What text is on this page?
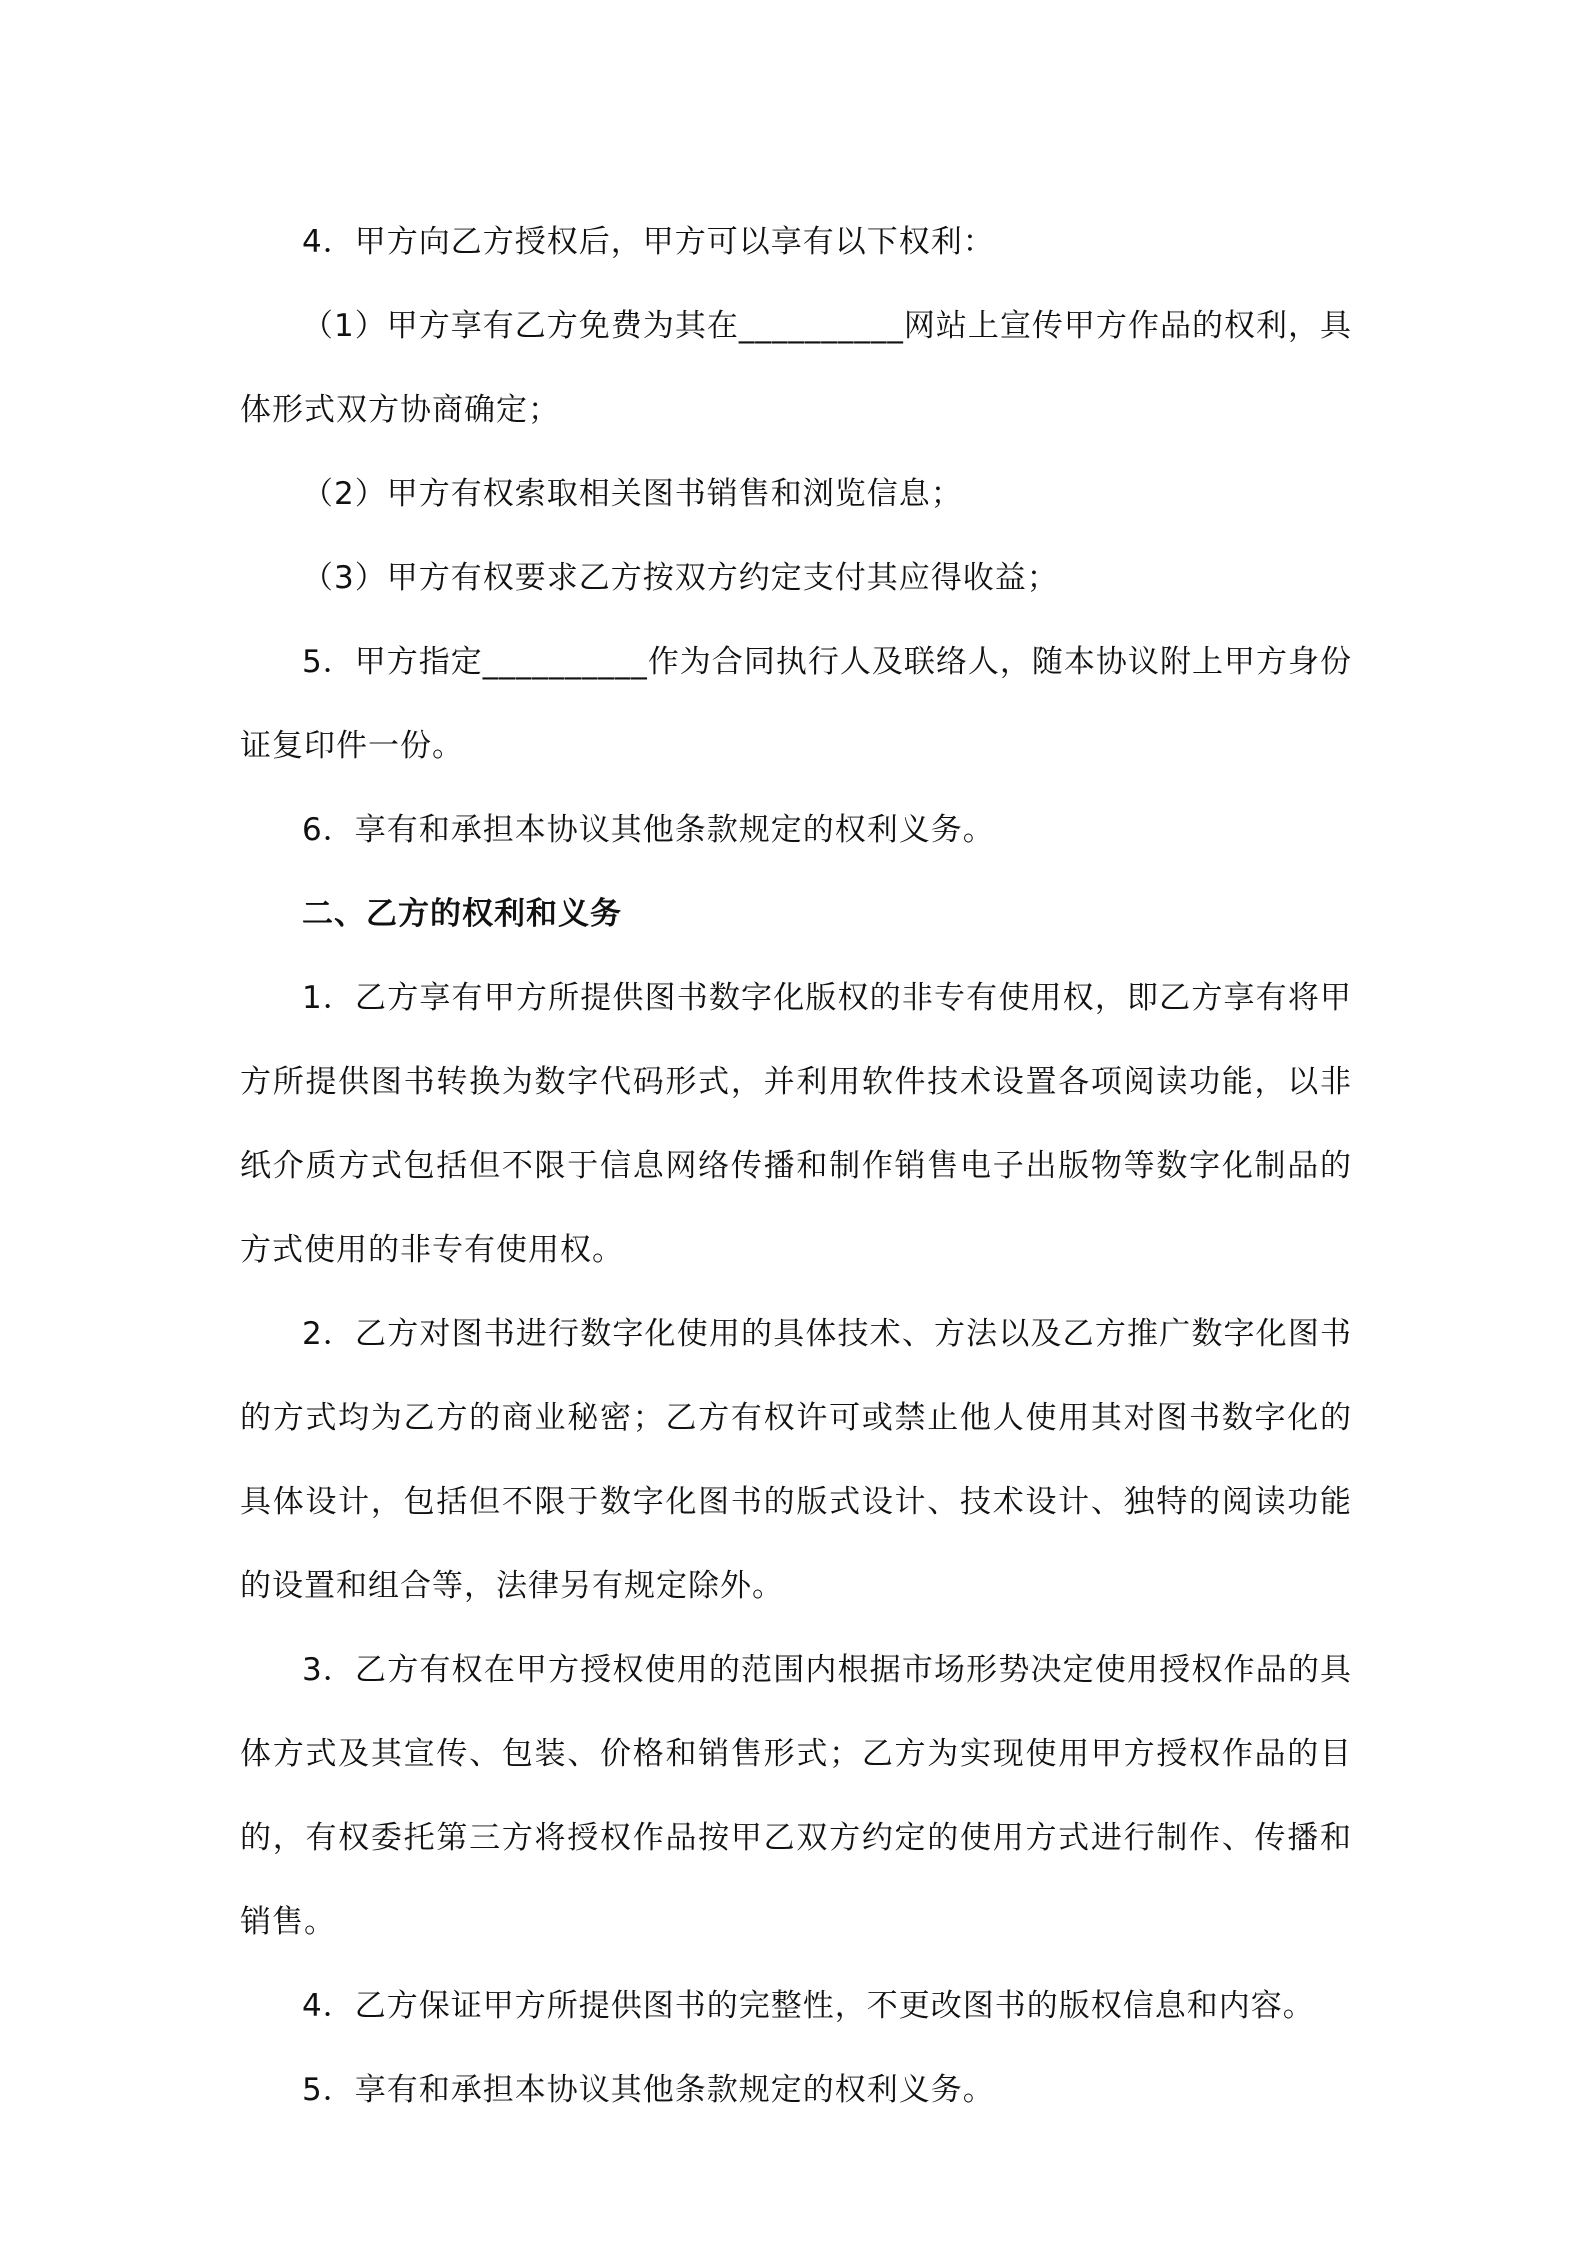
4．甲方向乙方授权后，甲方可以享有以下权利：

（1）甲方享有乙方免费为其在__________网站上宣传甲方作品的权利，具体形式双方协商确定；

（2）甲方有权索取相关图书销售和浏览信息；

（3）甲方有权要求乙方按双方约定支付其应得收益；

5．甲方指定__________作为合同执行人及联络人，随本协议附上甲方身份证复印件一份。

6．享有和承担本协议其他条款规定的权利义务。

二、乙方的权利和义务

1．乙方享有甲方所提供图书数字化版权的非专有使用权，即乙方享有将甲方所提供图书转换为数字代码形式，并利用软件技术设置各项阅读功能，以非纸介质方式包括但不限于信息网络传播和制作销售电子出版物等数字化制品的方式使用的非专有使用权。

2．乙方对图书进行数字化使用的具体技术、方法以及乙方推广数字化图书的方式均为乙方的商业秘密；乙方有权许可或禁止他人使用其对图书数字化的具体设计，包括但不限于数字化图书的版式设计、技术设计、独特的阅读功能的设置和组合等，法律另有规定除外。

3．乙方有权在甲方授权使用的范围内根据市场形势决定使用授权作品的具体方式及其宣传、包装、价格和销售形式；乙方为实现使用甲方授权作品的目的，有权委托第三方将授权作品按甲乙双方约定的使用方式进行制作、传播和销售。

4．乙方保证甲方所提供图书的完整性，不更改图书的版权信息和内容。

5．享有和承担本协议其他条款规定的权利义务。
